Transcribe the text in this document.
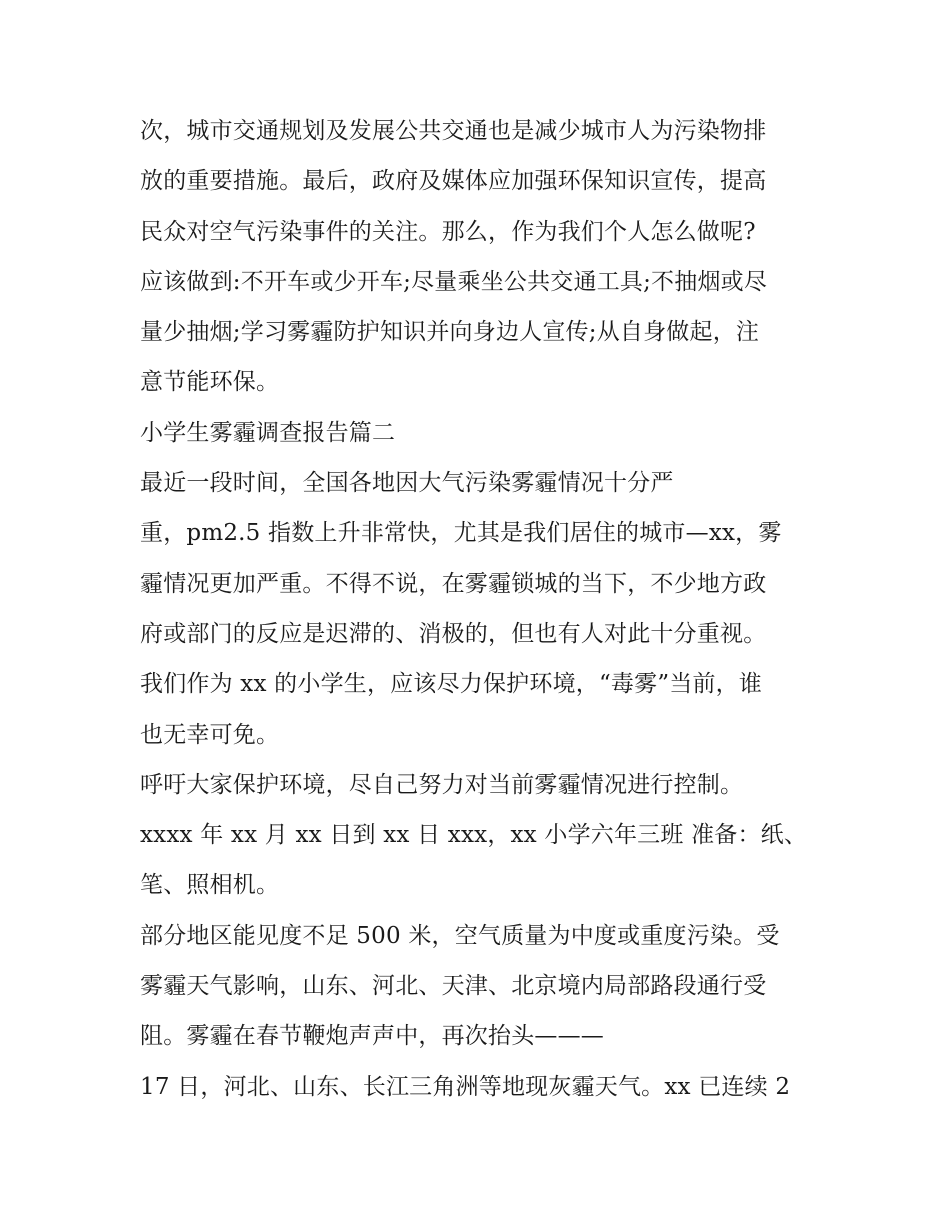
次，城市交通规划及发展公共交通也是减少城市人为污染物排
放的重要措施。最后，政府及媒体应加强环保知识宣传，提高
民众对空气污染事件的关注。那么，作为我们个人怎么做呢?
应该做到:不开车或少开车;尽量乘坐公共交通工具;不抽烟或尽
量少抽烟;学习雾霾防护知识并向身边人宣传;从自身做起，注
意节能环保。
小学生雾霾调查报告篇二
最近一段时间，全国各地因大气污染雾霾情况十分严
重，pm2.5 指数上升非常快，尤其是我们居住的城市—xx，雾
霾情况更加严重。不得不说，在雾霾锁城的当下，不少地方政
府或部门的反应是迟滞的、消极的，但也有人对此十分重视。
我们作为 xx 的小学生，应该尽力保护环境，“毒雾”当前，谁
也无幸可免。
呼吁大家保护环境，尽自己努力对当前雾霾情况进行控制。
xxxx 年 xx 月 xx 日到 xx 日 xxx，xx 小学六年三班 准备：纸、
笔、照相机。
部分地区能见度不足 500 米，空气质量为中度或重度污染。受
雾霾天气影响，山东、河北、天津、北京境内局部路段通行受
阻。雾霾在春节鞭炮声声中，再次抬头———
17 日，河北、山东、长江三角洲等地现灰霾天气。xx 已连续 2
